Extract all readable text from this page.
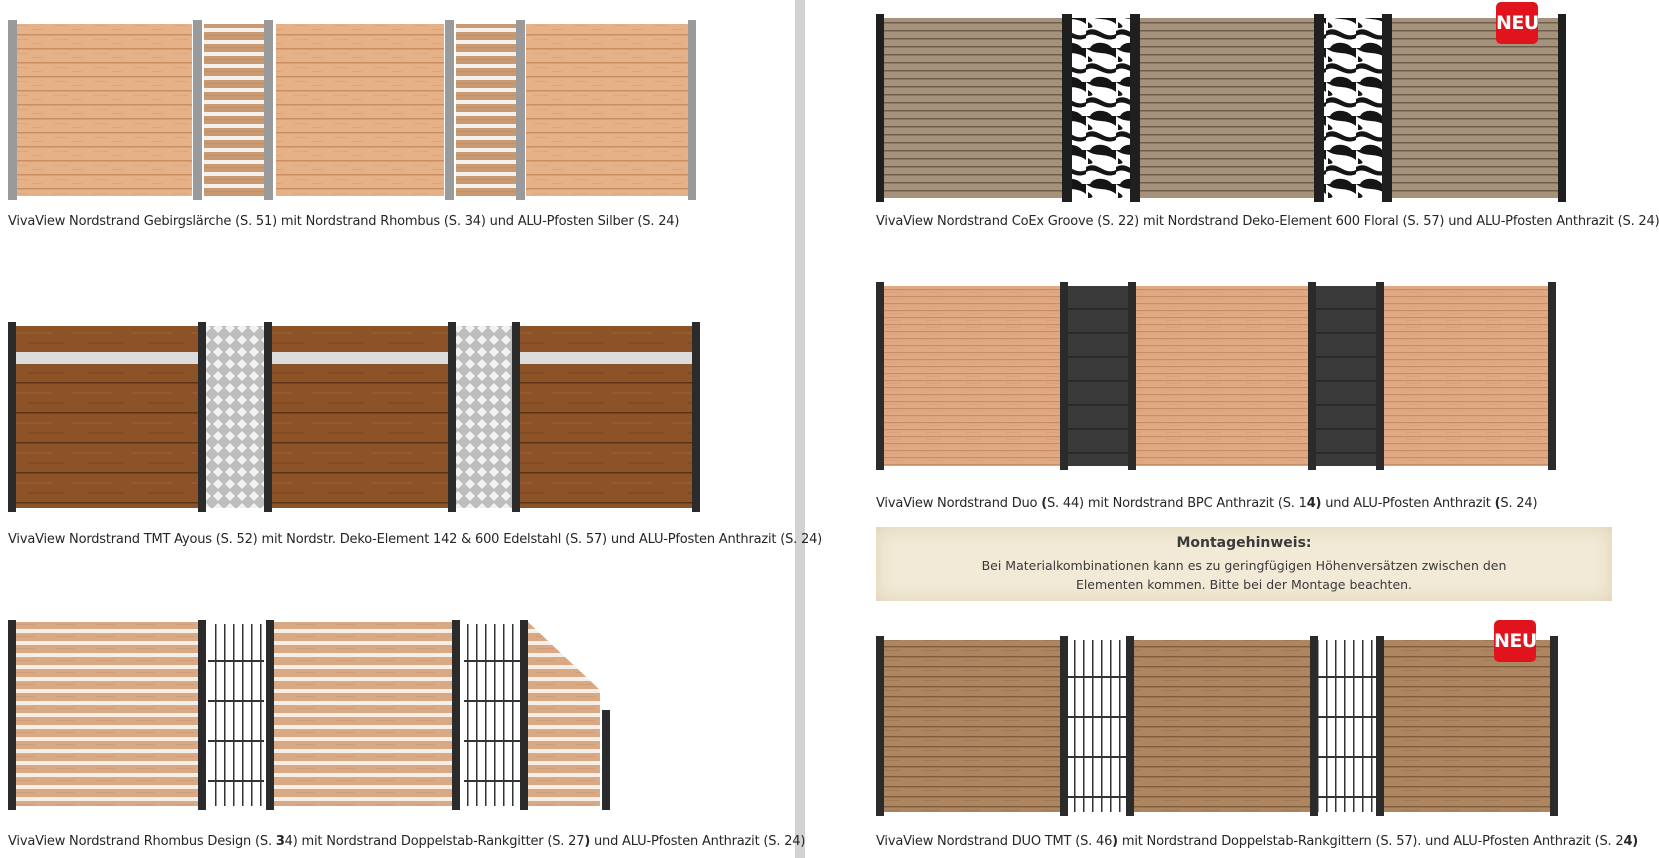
VivaView Nordstrand Gebirgslärche (S. 51) mit Nordstrand Rhombus (S. 34) und ALU-Pfosten Silber (S. 24)
VivaView Nordstrand TMT Ayous (S. 52) mit Nordstr. Deko-Element 142 & 600 Edelstahl (S. 57) und ALU-Pfosten Anthrazit (S. 24)
VivaView Nordstrand Rhombus Design (S. 34) mit Nordstrand Doppelstab-Rankgitter (S. 27) und ALU-Pfosten Anthrazit (S. 24)
NEU
VivaView Nordstrand CoEx Groove (S. 22) mit Nordstrand Deko-Element 600 Floral (S. 57) und ALU-Pfosten Anthrazit (S. 24)
VivaView Nordstrand Duo (S. 44) mit Nordstrand BPC Anthrazit (S. 14) und ALU-Pfosten Anthrazit (S. 24)
Montagehinweis:
Bei Materialkombinationen kann es zu geringfügigen Höhenversätzen zwischen den
Elementen kommen. Bitte bei der Montage beachten.
NEU
VivaView Nordstrand DUO TMT (S. 46) mit Nordstrand Doppelstab-Rankgittern (S. 57). und ALU-Pfosten Anthrazit (S. 24)
